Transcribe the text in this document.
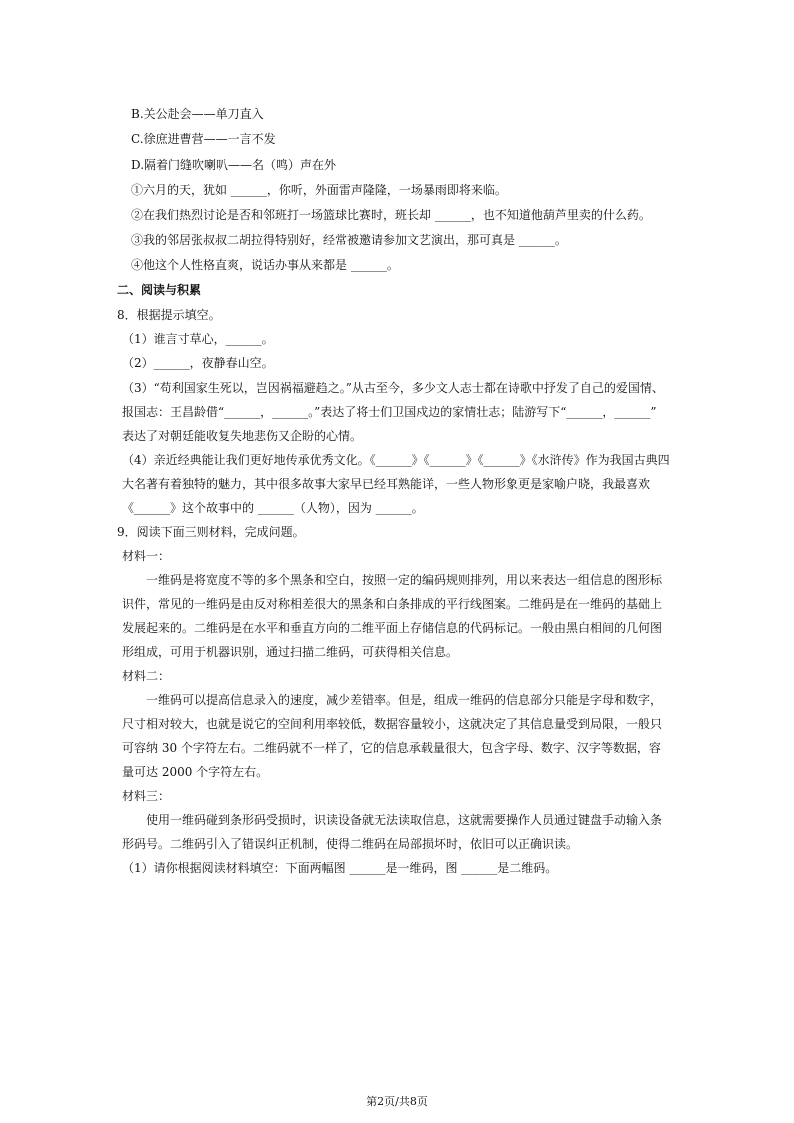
B.关公赴会——单刀直入
C.徐庶进曹营——一言不发
D.隔着门缝吹喇叭——名（鸣）声在外
①六月的天，犹如 ______，你听，外面雷声隆隆，一场暴雨即将来临。
②在我们热烈讨论是否和邻班打一场篮球比赛时，班长却 ______，也不知道他葫芦里卖的什么药。
③我的邻居张叔叔二胡拉得特别好，经常被邀请参加文艺演出，那可真是 ______。
④他这个人性格直爽，说话办事从来都是 ______。
二、阅读与积累
8．根据提示填空。
（1）谁言寸草心，______。
（2）______，夜静春山空。
（3）“苟利国家生死以，岂因祸福避趋之。”从古至今，多少文人志士都在诗歌中抒发了自己的爱国情、
报国志：王昌龄借“______，______。”表达了将士们卫国戍边的家情壮志；陆游写下“______，______”
表达了对朝廷能收复失地悲伤又企盼的心情。
（4）亲近经典能让我们更好地传承优秀文化。《______》《______》《______》《水浒传》作为我国古典四
大名著有着独特的魅力，其中很多故事大家早已经耳熟能详，一些人物形象更是家喻户晓，我最喜欢
《______》这个故事中的 ______（人物），因为 ______。
9．阅读下面三则材料，完成问题。
材料一：
一维码是将宽度不等的多个黑条和空白，按照一定的编码规则排列，用以来表达一组信息的图形标
识件，常见的一维码是由反对称相差很大的黑条和白条排成的平行线图案。二维码是在一维码的基础上
发展起来的。二维码是在水平和垂直方向的二维平面上存储信息的代码标记。一般由黑白相间的几何图
形组成，可用于机器识别，通过扫描二维码，可获得相关信息。
材料二：
一维码可以提高信息录入的速度，减少差错率。但是，组成一维码的信息部分只能是字母和数字，
尺寸相对较大，也就是说它的空间利用率较低，数据容量较小，这就决定了其信息量受到局限，一般只
可容纳 30 个字符左右。二维码就不一样了，它的信息承载量很大，包含字母、数字、汉字等数据，容
量可达 2000 个字符左右。
材料三：
使用一维码碰到条形码受损时，识读设备就无法读取信息，这就需要操作人员通过键盘手动输入条
形码号。二维码引入了错误纠正机制，使得二维码在局部损坏时，依旧可以正确识读。
（1）请你根据阅读材料填空：下面两幅图 ______是一维码，图 ______是二维码。
第2页/共8页
